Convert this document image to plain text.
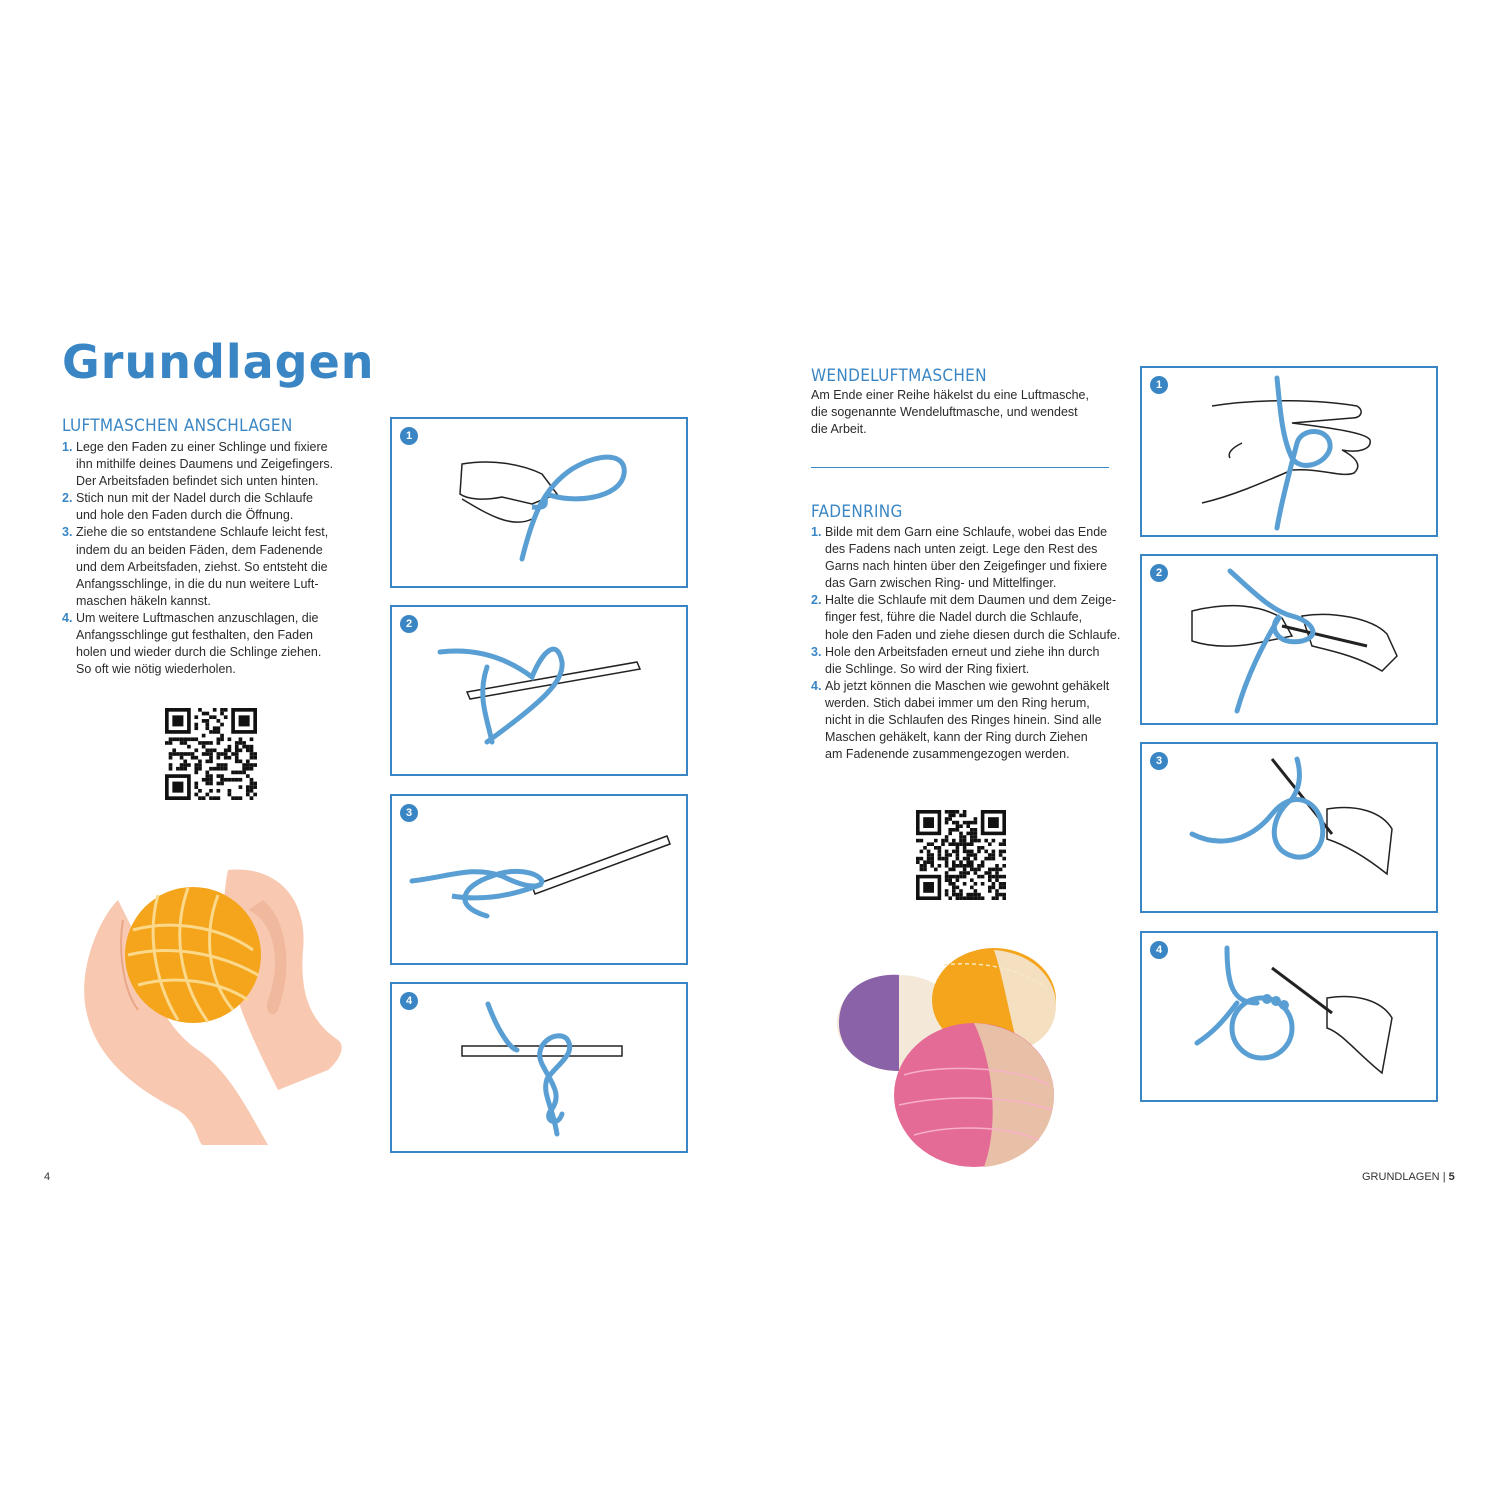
Grundlagen
LUFTMASCHEN ANSCHLAGEN
1. Lege den Faden zu einer Schlinge und fixiere
ihn mithilfe deines Daumens und Zeigefingers.
Der Arbeitsfaden befindet sich unten hinten.
2. Stich nun mit der Nadel durch die Schlaufe
und hole den Faden durch die Öffnung.
3. Ziehe die so entstandene Schlaufe leicht fest,
indem du an beiden Fäden, dem Fadenende
und dem Arbeitsfaden, ziehst. So entsteht die
Anfangsschlinge, in die du nun weitere Luft-
maschen häkeln kannst.
4. Um weitere Luftmaschen anzuschlagen, die
Anfangsschlinge gut festhalten, den Faden
holen und wieder durch die Schlinge ziehen.
So oft wie nötig wiederholen.
1
2
3
4
WENDELUFTMASCHEN
Am Ende einer Reihe häkelst du eine Luftmasche,
die sogenannte Wendeluftmasche, und wendest
die Arbeit.
FADENRING
1. Bilde mit dem Garn eine Schlaufe, wobei das Ende
des Fadens nach unten zeigt. Lege den Rest des
Garns nach hinten über den Zeigefinger und fixiere
das Garn zwischen Ring- und Mittelfinger.
2. Halte die Schlaufe mit dem Daumen und dem Zeige-
finger fest, führe die Nadel durch die Schlaufe,
hole den Faden und ziehe diesen durch die Schlaufe.
3. Hole den Arbeitsfaden erneut und ziehe ihn durch
die Schlinge. So wird der Ring fixiert.
4. Ab jetzt können die Maschen wie gewohnt gehäkelt
werden. Stich dabei immer um den Ring herum,
nicht in die Schlaufen des Ringes hinein. Sind alle
Maschen gehäkelt, kann der Ring durch Ziehen
am Fadenende zusammengezogen werden.
1
2
3
4
4	GRUNDLAGEN | 5
